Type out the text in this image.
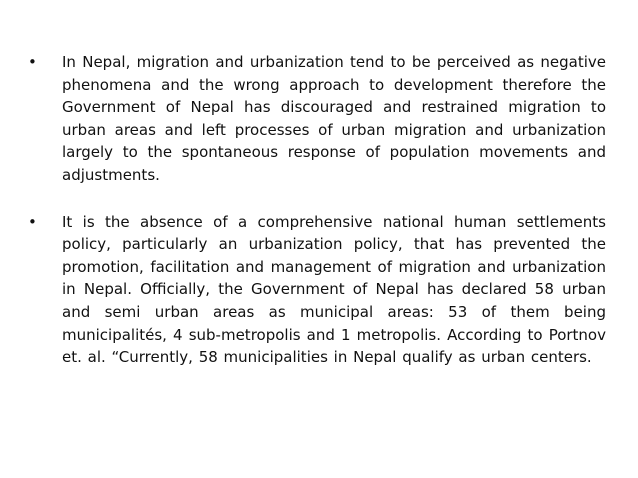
•	In Nepal, migration and urbanization tend to be perceived as negative phenomena and the wrong approach to development therefore the Government of Nepal has discouraged and restrained migration to urban areas and left processes of urban migration and urbanization largely to the spontaneous response of population movements and adjustments.
•	It is the absence of a comprehensive national human settlements policy, particularly an urbanization policy, that has prevented the promotion, facilitation and management of migration and urbanization in Nepal. Officially, the Government of Nepal has declared 58 urban and semi urban areas as municipal areas: 53 of them being municipalités, 4 sub-metropolis and 1 metropolis. According to Portnov et. al. “Currently, 58 municipalities in Nepal qualify as urban centers.
